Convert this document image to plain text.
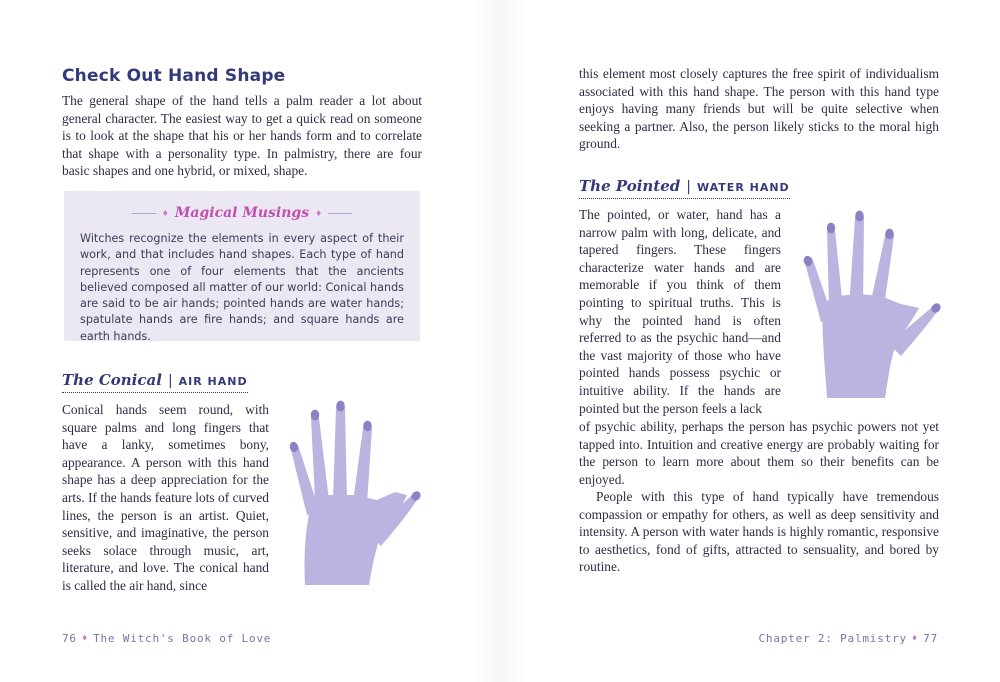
Check Out Hand Shape

The general shape of the hand tells a palm reader a lot about general character. The easiest way to get a quick read on someone is to look at the shape that his or her hands form and to correlate that shape with a personality type. In palmistry, there are four basic shapes and one hybrid, or mixed, shape.

♦ Magical Musings ♦

Witches recognize the elements in every aspect of their work, and that includes hand shapes. Each type of hand represents one of four elements that the ancients believed composed all matter of our world: Conical hands are said to be air hands; pointed hands are water hands; spatulate hands are fire hands; and square hands are earth hands.

The Conical | AIR HAND

Conical hands seem round, with square palms and long fingers that have a lanky, sometimes bony, appearance. A person with this hand shape has a deep appreciation for the arts. If the hands feature lots of curved lines, the person is an artist. Quiet, sensitive, and imaginative, the person seeks solace through music, art, literature, and love. The conical hand is called the air hand, since

76 ♦ The Witch's Book of Love

this element most closely captures the free spirit of individualism associated with this hand shape. The person with this hand type enjoys having many friends but will be quite selective when seeking a partner. Also, the person likely sticks to the moral high ground.

The Pointed | WATER HAND

The pointed, or water, hand has a narrow palm with long, delicate, and tapered fingers. These fingers characterize water hands and are memorable if you think of them pointing to spiritual truths. This is why the pointed hand is often referred to as the psychic hand—and the vast majority of those who have pointed hands possess psychic or intuitive ability. If the hands are pointed but the person feels a lack

of psychic ability, perhaps the person has psychic powers not yet tapped into. Intuition and creative energy are probably waiting for the person to learn more about them so their benefits can be enjoyed.

People with this type of hand typically have tremendous compassion or empathy for others, as well as deep sensitivity and intensity. A person with water hands is highly romantic, responsive to aesthetics, fond of gifts, attracted to sensuality, and bored by routine.

Chapter 2: Palmistry ♦ 77
